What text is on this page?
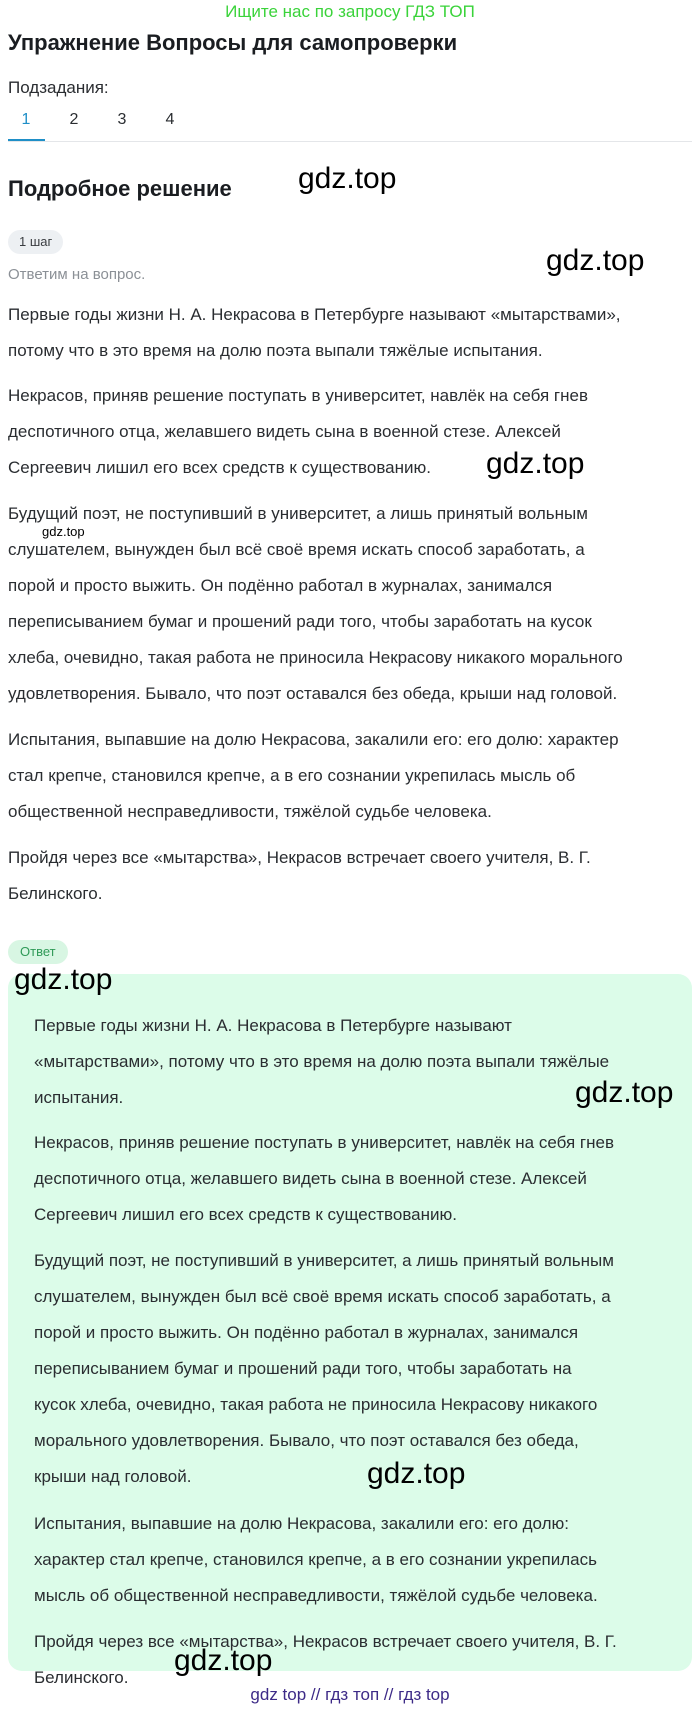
Ищите нас по запросу ГДЗ ТОП
Упражнение Вопросы для самопроверки
Подзадания:
1	2	3	4
Подробное решение
1 шаг
Ответим на вопрос.
Первые годы жизни Н. А. Некрасова в Петербурге называют «мытарствами»,
потому что в это время на долю поэта выпали тяжёлые испытания.
Некрасов, приняв решение поступать в университет, навлёк на себя гнев
деспотичного отца, желавшего видеть сына в военной стезе. Алексей
Сергеевич лишил его всех средств к существованию.
Будущий поэт, не поступивший в университет, а лишь принятый вольным
слушателем, вынужден был всё своё время искать способ заработать, а
порой и просто выжить. Он подённо работал в журналах, занимался
переписыванием бумаг и прошений ради того, чтобы заработать на кусок
хлеба, очевидно, такая работа не приносила Некрасову никакого морального
удовлетворения. Бывало, что поэт оставался без обеда, крыши над головой.
Испытания, выпавшие на долю Некрасова, закалили его: его долю: характер
стал крепче, становился крепче, а в его сознании укрепилась мысль об
общественной несправедливости, тяжёлой судьбе человека.
Пройдя через все «мытарства», Некрасов встречает своего учителя, В. Г.
Белинского.
Ответ
Первые годы жизни Н. А. Некрасова в Петербурге называют
«мытарствами», потому что в это время на долю поэта выпали тяжёлые
испытания.
Некрасов, приняв решение поступать в университет, навлёк на себя гнев
деспотичного отца, желавшего видеть сына в военной стезе. Алексей
Сергеевич лишил его всех средств к существованию.
Будущий поэт, не поступивший в университет, а лишь принятый вольным
слушателем, вынужден был всё своё время искать способ заработать, а
порой и просто выжить. Он подённо работал в журналах, занимался
переписыванием бумаг и прошений ради того, чтобы заработать на
кусок хлеба, очевидно, такая работа не приносила Некрасову никакого
морального удовлетворения. Бывало, что поэт оставался без обеда,
крыши над головой.
Испытания, выпавшие на долю Некрасова, закалили его: его долю:
характер стал крепче, становился крепче, а в его сознании укрепилась
мысль об общественной несправедливости, тяжёлой судьбе человека.
Пройдя через все «мытарства», Некрасов встречает своего учителя, В. Г.
Белинского.
gdz.top
gdz.top
gdz.top
gdz.top
gdz.top
gdz.top
gdz.top
gdz.top
gdz top // гдз топ // гдз top
